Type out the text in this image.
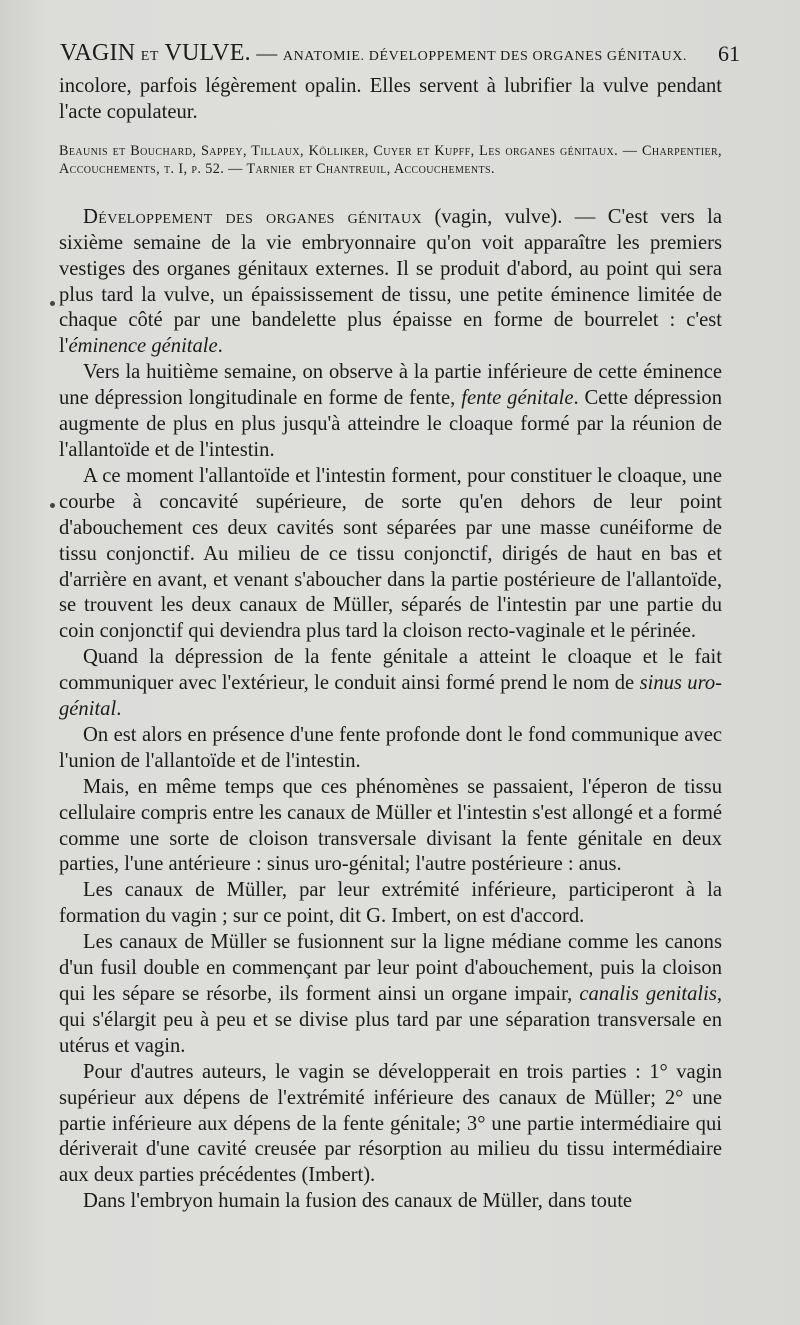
VAGIN ET VULVE. — ANATOMIE. DÉVELOPPEMENT DES ORGANES GÉNITAUX. 61

incolore, parfois légèrement opalin. Elles servent à lubrifier la vulve pendant l'acte copulateur.

Beaunis et Bouchard, Sappey, Tillaux, Kölliker, Cuyer et Kupff, Les organes génitaux. — Charpentier, Accouchements, t. I, p. 52. — Tarnier et Chantreuil, Accouchements.

Développement des organes génitaux (vagin, vulve). — C'est vers la sixième semaine de la vie embryonnaire qu'on voit apparaître les premiers vestiges des organes génitaux externes. Il se produit d'abord, au point qui sera plus tard la vulve, un épaississement de tissu, une petite éminence limitée de chaque côté par une bandelette plus épaisse en forme de bourrelet : c'est l'éminence génitale.

Vers la huitième semaine, on observe à la partie inférieure de cette éminence une dépression longitudinale en forme de fente, fente génitale. Cette dépression augmente de plus en plus jusqu'à atteindre le cloaque formé par la réunion de l'allantoïde et de l'intestin.

A ce moment l'allantoïde et l'intestin forment, pour constituer le cloaque, une courbe à concavité supérieure, de sorte qu'en dehors de leur point d'abouchement ces deux cavités sont séparées par une masse cunéiforme de tissu conjonctif. Au milieu de ce tissu conjonctif, dirigés de haut en bas et d'arrière en avant, et venant s'aboucher dans la partie postérieure de l'allantoïde, se trouvent les deux canaux de Müller, séparés de l'intestin par une partie du coin conjonctif qui deviendra plus tard la cloison recto-vaginale et le périnée.

Quand la dépression de la fente génitale a atteint le cloaque et le fait communiquer avec l'extérieur, le conduit ainsi formé prend le nom de sinus uro-génital.

On est alors en présence d'une fente profonde dont le fond communique avec l'union de l'allantoïde et de l'intestin.

Mais, en même temps que ces phénomènes se passaient, l'éperon de tissu cellulaire compris entre les canaux de Müller et l'intestin s'est allongé et a formé comme une sorte de cloison transversale divisant la fente génitale en deux parties, l'une antérieure : sinus uro-génital; l'autre postérieure : anus.

Les canaux de Müller, par leur extrémité inférieure, participeront à la formation du vagin ; sur ce point, dit G. Imbert, on est d'accord.

Les canaux de Müller se fusionnent sur la ligne médiane comme les canons d'un fusil double en commençant par leur point d'abouchement, puis la cloison qui les sépare se résorbe, ils forment ainsi un organe impair, canalis genitalis, qui s'élargit peu à peu et se divise plus tard par une séparation transversale en utérus et vagin.

Pour d'autres auteurs, le vagin se développerait en trois parties : 1° vagin supérieur aux dépens de l'extrémité inférieure des canaux de Müller; 2° une partie inférieure aux dépens de la fente génitale; 3° une partie intermédiaire qui dériverait d'une cavité creusée par résorption au milieu du tissu intermédiaire aux deux parties précédentes (Imbert).

Dans l'embryon humain la fusion des canaux de Müller, dans toute
